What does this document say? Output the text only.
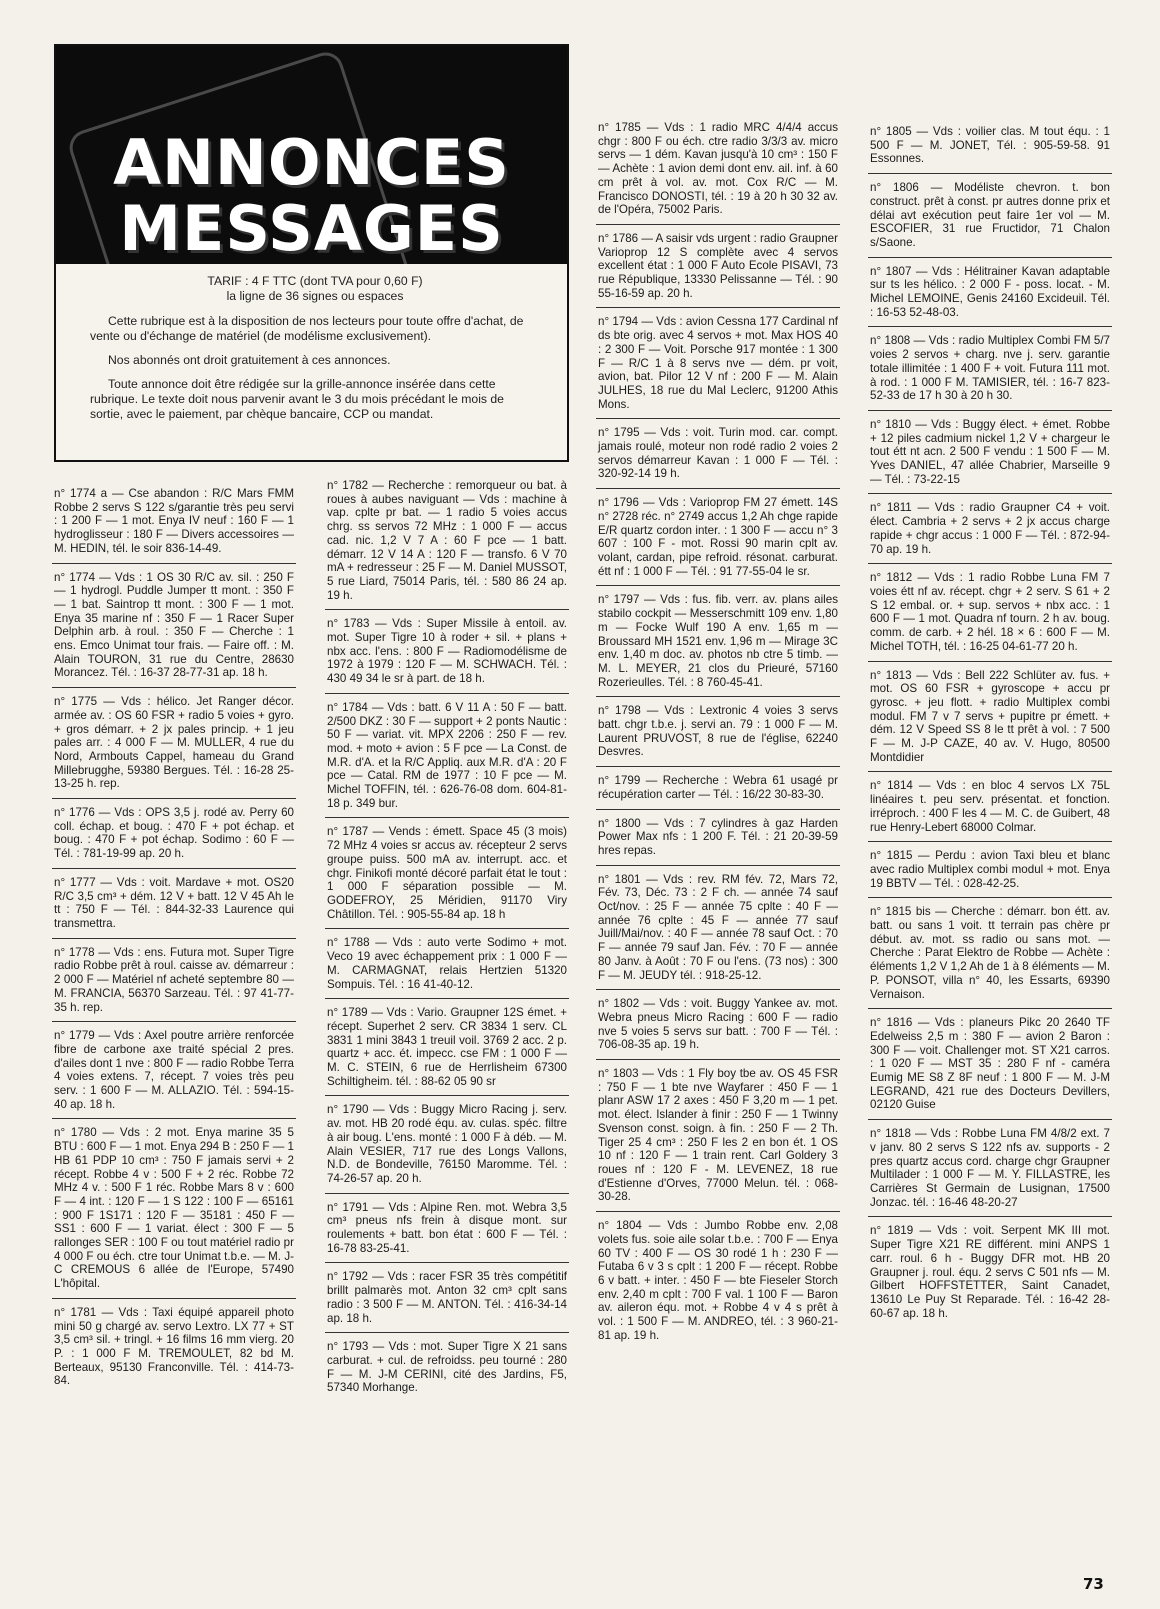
ANNONCES
MESSAGES

TARIF : 4 F TTC (dont TVA pour 0,60 F)

la ligne de 36 signes ou espaces

Cette rubrique est à la disposition de nos lecteurs pour toute offre d'achat, de vente ou d'échange de matériel (de modélisme exclusivement).

Nos abonnés ont droit gratuitement à ces annonces.

Toute annonce doit être rédigée sur la grille-annonce insérée dans cette rubrique. Le texte doit nous parvenir avant le 3 du mois précédant le mois de sortie, avec le paiement, par chèque bancaire, CCP ou mandat.

n° 1774 a — Cse abandon : R/C Mars FMM Robbe 2 servs S 122 s/garantie très peu servi : 1 200 F — 1 mot. Enya IV neuf : 160 F — 1 hydroglisseur : 180 F — Divers accessoires — M. HEDIN, tél. le soir 836-14-49.
n° 1774 — Vds : 1 OS 30 R/C av. sil. : 250 F — 1 hydrogl. Puddle Jumper tt mont. : 350 F — 1 bat. Saintrop tt mont. : 300 F — 1 mot. Enya 35 marine nf : 350 F — 1 Racer Super Delphin arb. à roul. : 350 F — Cherche : 1 ens. Emco Unimat tour frais. — Faire off. : M. Alain TOURON, 31 rue du Centre, 28630 Morancez. Tél. : 16-37 28-77-31 ap. 18 h.
n° 1775 — Vds : hélico. Jet Ranger décor. armée av. : OS 60 FSR + radio 5 voies + gyro. + gros démarr. + 2 jx pales princip. + 1 jeu pales arr. : 4 000 F — M. MULLER, 4 rue du Nord, Armbouts Cappel, hameau du Grand Millebrugghe, 59380 Bergues. Tél. : 16-28 25-13-25 h. rep.
n° 1776 — Vds : OPS 3,5 j. rodé av. Perry 60 coll. échap. et boug. : 470 F + pot échap. et boug. : 470 F + pot échap. Sodimo : 60 F — Tél. : 781-19-99 ap. 20 h.
n° 1777 — Vds : voit. Mardave + mot. OS20 R/C 3,5 cm³ + dém. 12 V + batt. 12 V 45 Ah le tt : 750 F — Tél. : 844-32-33 Laurence qui transmettra.
n° 1778 — Vds : ens. Futura mot. Super Tigre radio Robbe prêt à roul. caisse av. démarreur : 2 000 F — Matériel nf acheté septembre 80 — M. FRANCIA, 56370 Sarzeau. Tél. : 97 41-77-35 h. rep.
n° 1779 — Vds : Axel poutre arrière renforcée fibre de carbone axe traité spécial 2 pres. d'ailes dont 1 nve : 800 F — radio Robbe Terra 4 voies extens. 7, récept. 7 voies très peu serv. : 1 600 F — M. ALLAZIO. Tél. : 594-15-40 ap. 18 h.
n° 1780 — Vds : 2 mot. Enya marine 35 5 BTU : 600 F — 1 mot. Enya 294 B : 250 F — 1 HB 61 PDP 10 cm³ : 750 F jamais servi + 2 récept. Robbe 4 v : 500 F + 2 réc. Robbe 72 MHz 4 v. : 500 F 1 réc. Robbe Mars 8 v : 600 F — 4 int. : 120 F — 1 S 122 : 100 F — 65161 : 900 F 1S171 : 120 F — 35181 : 450 F — SS1 : 600 F — 1 variat. élect : 300 F — 5 rallonges SER : 100 F ou tout matériel radio pr 4 000 F ou éch. ctre tour Unimat t.b.e. — M. J-C CREMOUS 6 allée de l'Europe, 57490 L'hôpital.
n° 1781 — Vds : Taxi équipé appareil photo mini 50 g chargé av. servo Lextro. LX 77 + ST 3,5 cm³ sil. + tringl. + 16 films 16 mm vierg. 20 P. : 1 000 F M. TREMOULET, 82 bd M. Berteaux, 95130 Franconville. Tél. : 414-73-84.
n° 1782 — Recherche : remorqueur ou bat. à roues à aubes naviguant — Vds : machine à vap. cplte pr bat. — 1 radio 5 voies accus chrg. ss servos 72 MHz : 1 000 F — accus cad. nic. 1,2 V 7 A : 60 F pce — 1 batt. démarr. 12 V 14 A : 120 F — transfo. 6 V 70 mA + redresseur : 25 F — M. Daniel MUSSOT, 5 rue Liard, 75014 Paris, tél. : 580 86 24 ap. 19 h.
n° 1783 — Vds : Super Missile à entoil. av. mot. Super Tigre 10 à roder + sil. + plans + nbx acc. l'ens. : 800 F — Radiomodélisme de 1972 à 1979 : 120 F — M. SCHWACH. Tél. : 430 49 34 le sr à part. de 18 h.
n° 1784 — Vds : batt. 6 V 11 A : 50 F — batt. 2/500 DKZ : 30 F — support + 2 ponts Nautic : 50 F — variat. vit. MPX 2206 : 250 F — rev. mod. + moto + avion : 5 F pce — La Const. de M.R. d'A. et la R/C Appliq. aux M.R. d'A : 20 F pce — Catal. RM de 1977 : 10 F pce — M. Michel TOFFIN, tél. : 626-76-08 dom. 604-81-18 p. 349 bur.
n° 1787 — Vends : émett. Space 45 (3 mois) 72 MHz 4 voies sr accus av. récepteur 2 servs groupe puiss. 500 mA av. interrupt. acc. et chgr. Finikofi monté décoré parfait état le tout : 1 000 F séparation possible — M. GODEFROY, 25 Méridien, 91170 Viry Châtillon. Tél. : 905-55-84 ap. 18 h
n° 1788 — Vds : auto verte Sodimo + mot. Veco 19 avec échappement prix : 1 000 F — M. CARMAGNAT, relais Hertzien 51320 Sompuis. Tél. : 16 41-40-12.
n° 1789 — Vds : Vario. Graupner 12S émet. + récept. Superhet 2 serv. CR 3834 1 serv. CL 3831 1 mini 3843 1 treuil voil. 3769 2 acc. 2 p. quartz + acc. ét. impecc. cse FM : 1 000 F — M. C. STEIN, 6 rue de Herrlisheim 67300 Schiltigheim. tél. : 88-62 05 90 sr
n° 1790 — Vds : Buggy Micro Racing j. serv. av. mot. HB 20 rodé équ. av. culas. spéc. filtre à air boug. L'ens. monté : 1 000 F à déb. — M. Alain VESIER, 717 rue des Longs Vallons, N.D. de Bondeville, 76150 Maromme. Tél. : 74-26-57 ap. 20 h.
n° 1791 — Vds : Alpine Ren. mot. Webra 3,5 cm³ pneus nfs frein à disque mont. sur roulements + batt. bon état : 600 F — Tél. : 16-78 83-25-41.
n° 1792 — Vds : racer FSR 35 très compétitif brillt palmarès mot. Anton 32 cm³ cplt sans radio : 3 500 F — M. ANTON. Tél. : 416-34-14 ap. 18 h.
n° 1793 — Vds : mot. Super Tigre X 21 sans carburat. + cul. de refroidss. peu tourné : 280 F — M. J-M CERINI, cité des Jardins, F5, 57340 Morhange.
n° 1785 — Vds : 1 radio MRC 4/4/4 accus chgr : 800 F ou éch. ctre radio 3/3/3 av. micro servs — 1 dém. Kavan jusqu'à 10 cm³ : 150 F — Achète : 1 avion demi dont env. ail. inf. à 60 cm prêt à vol. av. mot. Cox R/C — M. Francisco DONOSTI, tél. : 19 à 20 h 30 32 av. de l'Opéra, 75002 Paris.
n° 1786 — A saisir vds urgent : radio Graupner Varioprop 12 S complète avec 4 servos excellent état : 1 000 F Auto Ecole PISAVI, 73 rue République, 13330 Pelissanne — Tél. : 90 55-16-59 ap. 20 h.
n° 1794 — Vds : avion Cessna 177 Cardinal nf ds bte orig. avec 4 servos + mot. Max HOS 40 : 2 300 F — Voit. Porsche 917 montée : 1 300 F — R/C 1 à 8 servs nve — dém. pr voit, avion, bat. Pilor 12 V nf : 200 F — M. Alain JULHES, 18 rue du Mal Leclerc, 91200 Athis Mons.
n° 1795 — Vds : voit. Turin mod. car. compt. jamais roulé, moteur non rodé radio 2 voies 2 servos démarreur Kavan : 1 000 F — Tél. : 320-92-14 19 h.
n° 1796 — Vds : Varioprop FM 27 émett. 14S n° 2728 réc. n° 2749 accus 1,2 Ah chge rapide E/R quartz cordon inter. : 1 300 F — accu n° 3 607 : 100 F - mot. Rossi 90 marin cplt av. volant, cardan, pipe refroid. résonat. carburat. étt nf : 1 000 F — Tél. : 91 77-55-04 le sr.
n° 1797 — Vds : fus. fib. verr. av. plans ailes stabilo cockpit — Messerschmitt 109 env. 1,80 m — Focke Wulf 190 A env. 1,65 m — Broussard MH 1521 env. 1,96 m — Mirage 3C env. 1,40 m doc. av. photos nb ctre 5 timb. — M. L. MEYER, 21 clos du Prieuré, 57160 Rozerieulles. Tél. : 8 760-45-41.
n° 1798 — Vds : Lextronic 4 voies 3 servs batt. chgr t.b.e. j. servi an. 79 : 1 000 F — M. Laurent PRUVOST, 8 rue de l'église, 62240 Desvres.
n° 1799 — Recherche : Webra 61 usagé pr récupération carter — Tél. : 16/22 30-83-30.
n° 1800 — Vds : 7 cylindres à gaz Harden Power Max nfs : 1 200 F. Tél. : 21 20-39-59 hres repas.
n° 1801 — Vds : rev. RM fév. 72, Mars 72, Fév. 73, Déc. 73 : 2 F ch. — année 74 sauf Oct/nov. : 25 F — année 75 cplte : 40 F — année 76 cplte : 45 F — année 77 sauf Juill/Mai/nov. : 40 F — année 78 sauf Oct. : 70 F — année 79 sauf Jan. Fév. : 70 F — année 80 Janv. à Août : 70 F ou l'ens. (73 nos) : 300 F — M. JEUDY tél. : 918-25-12.
n° 1802 — Vds : voit. Buggy Yankee av. mot. Webra pneus Micro Racing : 600 F — radio nve 5 voies 5 servs sur batt. : 700 F — Tél. : 706-08-35 ap. 19 h.
n° 1803 — Vds : 1 Fly boy tbe av. OS 45 FSR : 750 F — 1 bte nve Wayfarer : 450 F — 1 planr ASW 17 2 axes : 450 F 3,20 m — 1 pet. mot. élect. Islander à finir : 250 F — 1 Twinny Svenson const. soign. à fin. : 250 F — 2 Th. Tiger 25 4 cm³ : 250 F les 2 en bon ét. 1 OS 10 nf : 120 F — 1 train rent. Carl Goldery 3 roues nf : 120 F - M. LEVENEZ, 18 rue d'Estienne d'Orves, 77000 Melun. tél. : 068-30-28.
n° 1804 — Vds : Jumbo Robbe env. 2,08 volets fus. soie aile solar t.b.e. : 700 F — Enya 60 TV : 400 F — OS 30 rodé 1 h : 230 F — Futaba 6 v 3 s cplt : 1 200 F — récept. Robbe 6 v batt. + inter. : 450 F — bte Fieseler Storch env. 2,40 m cplt : 700 F val. 1 100 F — Baron av. aileron équ. mot. + Robbe 4 v 4 s prêt à vol. : 1 500 F — M. ANDREO, tél. : 3 960-21-81 ap. 19 h.
n° 1805 — Vds : voilier clas. M tout équ. : 1 500 F — M. JONET, Tél. : 905-59-58. 91 Essonnes.
n° 1806 — Modéliste chevron. t. bon construct. prêt à const. pr autres donne prix et délai avt exécution peut faire 1er vol — M. ESCOFIER, 31 rue Fructidor, 71 Chalon s/Saone.
n° 1807 — Vds : Hélitrainer Kavan adaptable sur ts les hélico. : 2 000 F - poss. locat. - M. Michel LEMOINE, Genis 24160 Excideuil. Tél. : 16-53 52-48-03.
n° 1808 — Vds : radio Multiplex Combi FM 5/7 voies 2 servos + charg. nve j. serv. garantie totale illimitée : 1 400 F + voit. Futura 111 mot. à rod. : 1 000 F M. TAMISIER, tél. : 16-7 823-52-33 de 17 h 30 à 20 h 30.
n° 1810 — Vds : Buggy élect. + émet. Robbe + 12 piles cadmium nickel 1,2 V + chargeur le tout étt nt acn. 2 500 F vendu : 1 500 F — M. Yves DANIEL, 47 allée Chabrier, Marseille 9 — Tél. : 73-22-15
n° 1811 — Vds : radio Graupner C4 + voit. élect. Cambria + 2 servs + 2 jx accus charge rapide + chgr accus : 1 000 F — Tél. : 872-94-70 ap. 19 h.
n° 1812 — Vds : 1 radio Robbe Luna FM 7 voies étt nf av. récept. chgr + 2 serv. S 61 + 2 S 12 embal. or. + sup. servos + nbx acc. : 1 600 F — 1 mot. Quadra nf tourn. 2 h av. boug. comm. de carb. + 2 hél. 18 × 6 : 600 F — M. Michel TOTH, tél. : 16-25 04-61-77 20 h.
n° 1813 — Vds : Bell 222 Schlüter av. fus. + mot. OS 60 FSR + gyroscope + accu pr gyrosc. + jeu flott. + radio Multiplex combi modul. FM 7 v 7 servs + pupitre pr émett. + dém. 12 V Speed SS 8 le tt prêt à vol. : 7 500 F — M. J-P CAZE, 40 av. V. Hugo, 80500 Montdidier
n° 1814 — Vds : en bloc 4 servos LX 75L linéaires t. peu serv. présentat. et fonction. irréproch. : 400 F les 4 — M. C. de Guibert, 48 rue Henry-Lebert 68000 Colmar.
n° 1815 — Perdu : avion Taxi bleu et blanc avec radio Multiplex combi modul + mot. Enya 19 BBTV — Tél. : 028-42-25.
n° 1815 bis — Cherche : démarr. bon étt. av. batt. ou sans 1 voit. tt terrain pas chère pr début. av. mot. ss radio ou sans mot. — Cherche : Parat Elektro de Robbe — Achète : éléments 1,2 V 1,2 Ah de 1 à 8 éléments — M. P. PONSOT, villa n° 40, les Essarts, 69390 Vernaison.
n° 1816 — Vds : planeurs Pikc 20 2640 TF Edelweiss 2,5 m : 380 F — avion 2 Baron : 300 F — voit. Challenger mot. ST X21 carros. : 1 020 F — MST 35 : 280 F nf - caméra Eumig ME S8 Z 8F neuf : 1 800 F — M. J-M LEGRAND, 421 rue des Docteurs Devillers, 02120 Guise
n° 1818 — Vds : Robbe Luna FM 4/8/2 ext. 7 v janv. 80 2 servs S 122 nfs av. supports - 2 pres quartz accus cord. charge chgr Graupner Multilader : 1 000 F — M. Y. FILLASTRE, les Carrières St Germain de Lusignan, 17500 Jonzac. tél. : 16-46 48-20-27
n° 1819 — Vds : voit. Serpent MK III mot. Super Tigre X21 RE différent. mini ANPS 1 carr. roul. 6 h - Buggy DFR mot. HB 20 Graupner j. roul. équ. 2 servs C 501 nfs — M. Gilbert HOFFSTETTER, Saint Canadet, 13610 Le Puy St Reparade. Tél. : 16-42 28-60-67 ap. 18 h.
73
